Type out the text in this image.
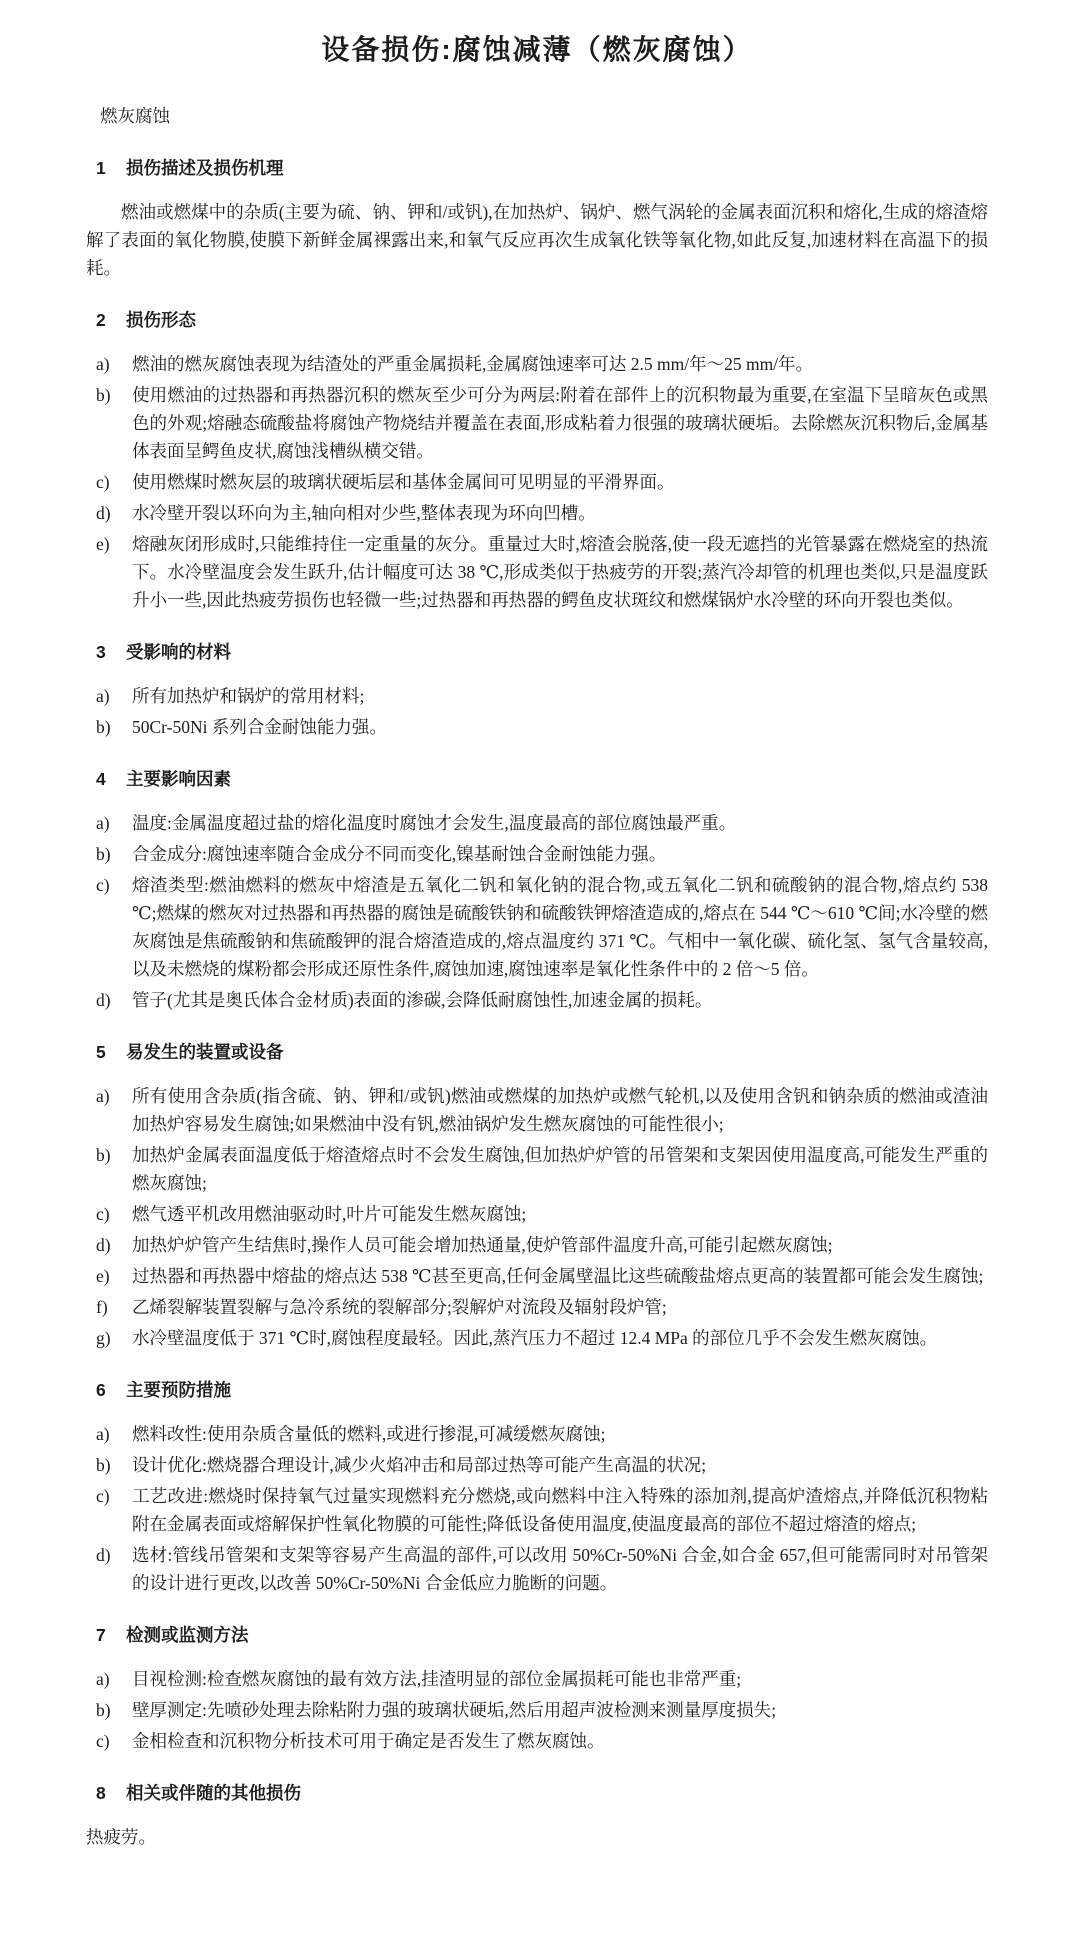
设备损伤:腐蚀减薄（燃灰腐蚀）

燃灰腐蚀

1 损伤描述及损伤机理

燃油或燃煤中的杂质(主要为硫、钠、钾和/或钒),在加热炉、锅炉、燃气涡轮的金属表面沉积和熔化,生成的熔渣熔解了表面的氧化物膜,使膜下新鲜金属裸露出来,和氧气反应再次生成氧化铁等氧化物,如此反复,加速材料在高温下的损耗。

2 损伤形态
a)	燃油的燃灰腐蚀表现为结渣处的严重金属损耗,金属腐蚀速率可达 2.5 mm/年～25 mm/年。
b)	使用燃油的过热器和再热器沉积的燃灰至少可分为两层:附着在部件上的沉积物最为重要,在室温下呈暗灰色或黑色的外观;熔融态硫酸盐将腐蚀产物烧结并覆盖在表面,形成粘着力很强的玻璃状硬垢。去除燃灰沉积物后,金属基体表面呈鳄鱼皮状,腐蚀浅槽纵横交错。
c)	使用燃煤时燃灰层的玻璃状硬垢层和基体金属间可见明显的平滑界面。
d)	水冷壁开裂以环向为主,轴向相对少些,整体表现为环向凹槽。
e)	熔融灰闭形成时,只能维持住一定重量的灰分。重量过大时,熔渣会脱落,使一段无遮挡的光管暴露在燃烧室的热流下。水冷壁温度会发生跃升,估计幅度可达 38 ℃,形成类似于热疲劳的开裂;蒸汽冷却管的机理也类似,只是温度跃升小一些,因此热疲劳损伤也轻微一些;过热器和再热器的鳄鱼皮状斑纹和燃煤锅炉水冷壁的环向开裂也类似。
3 受影响的材料
a)	所有加热炉和锅炉的常用材料;
b)	50Cr-50Ni 系列合金耐蚀能力强。
4 主要影响因素
a)	温度:金属温度超过盐的熔化温度时腐蚀才会发生,温度最高的部位腐蚀最严重。
b)	合金成分:腐蚀速率随合金成分不同而变化,镍基耐蚀合金耐蚀能力强。
c)	熔渣类型:燃油燃料的燃灰中熔渣是五氧化二钒和氧化钠的混合物,或五氧化二钒和硫酸钠的混合物,熔点约 538 ℃;燃煤的燃灰对过热器和再热器的腐蚀是硫酸铁钠和硫酸铁钾熔渣造成的,熔点在 544 ℃～610 ℃间;水冷壁的燃灰腐蚀是焦硫酸钠和焦硫酸钾的混合熔渣造成的,熔点温度约 371 ℃。气相中一氧化碳、硫化氢、氢气含量较高,以及未燃烧的煤粉都会形成还原性条件,腐蚀加速,腐蚀速率是氧化性条件中的 2 倍～5 倍。
d)	管子(尤其是奥氏体合金材质)表面的渗碳,会降低耐腐蚀性,加速金属的损耗。
5 易发生的装置或设备
a)	所有使用含杂质(指含硫、钠、钾和/或钒)燃油或燃煤的加热炉或燃气轮机,以及使用含钒和钠杂质的燃油或渣油加热炉容易发生腐蚀;如果燃油中没有钒,燃油锅炉发生燃灰腐蚀的可能性很小;
b)	加热炉金属表面温度低于熔渣熔点时不会发生腐蚀,但加热炉炉管的吊管架和支架因使用温度高,可能发生严重的燃灰腐蚀;
c)	燃气透平机改用燃油驱动时,叶片可能发生燃灰腐蚀;
d)	加热炉炉管产生结焦时,操作人员可能会增加热通量,使炉管部件温度升高,可能引起燃灰腐蚀;
e)	过热器和再热器中熔盐的熔点达 538 ℃甚至更高,任何金属壁温比这些硫酸盐熔点更高的装置都可能会发生腐蚀;
f)	乙烯裂解装置裂解与急冷系统的裂解部分;裂解炉对流段及辐射段炉管;
g)	水冷壁温度低于 371 ℃时,腐蚀程度最轻。因此,蒸汽压力不超过 12.4 MPa 的部位几乎不会发生燃灰腐蚀。
6 主要预防措施
a)	燃料改性:使用杂质含量低的燃料,或进行掺混,可减缓燃灰腐蚀;
b)	设计优化:燃烧器合理设计,减少火焰冲击和局部过热等可能产生高温的状况;
c)	工艺改进:燃烧时保持氧气过量实现燃料充分燃烧,或向燃料中注入特殊的添加剂,提高炉渣熔点,并降低沉积物粘附在金属表面或熔解保护性氧化物膜的可能性;降低设备使用温度,使温度最高的部位不超过熔渣的熔点;
d)	选材:管线吊管架和支架等容易产生高温的部件,可以改用 50%Cr-50%Ni 合金,如合金 657,但可能需同时对吊管架的设计进行更改,以改善 50%Cr-50%Ni 合金低应力脆断的问题。
7 检测或监测方法
a)	目视检测:检查燃灰腐蚀的最有效方法,挂渣明显的部位金属损耗可能也非常严重;
b)	壁厚测定:先喷砂处理去除粘附力强的玻璃状硬垢,然后用超声波检测来测量厚度损失;
c)	金相检查和沉积物分析技术可用于确定是否发生了燃灰腐蚀。
8 相关或伴随的其他损伤

热疲劳。
